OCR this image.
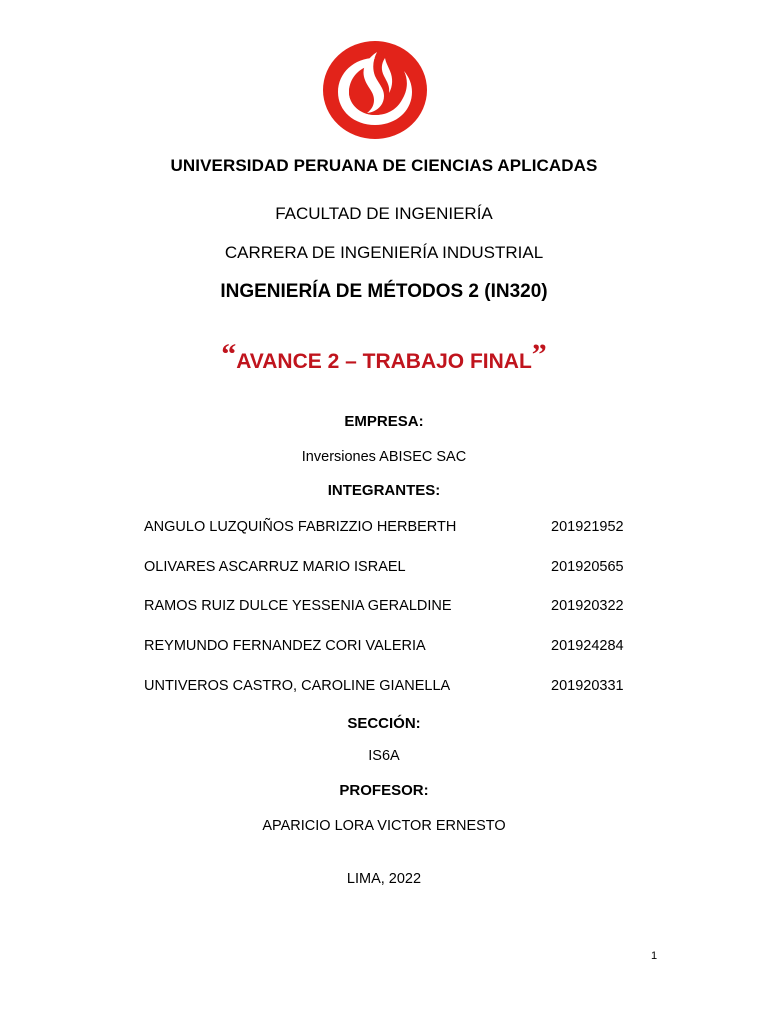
UNIVERSIDAD PERUANA DE CIENCIAS APLICADAS
FACULTAD DE INGENIERÍA
CARRERA DE INGENIERÍA INDUSTRIAL
INGENIERÍA DE MÉTODOS 2 (IN320)
“AVANCE 2 – TRABAJO FINAL”
EMPRESA:
Inversiones ABISEC SAC
INTEGRANTES:
ANGULO LUZQUIÑOS FABRIZZIO HERBERTH	201921952
OLIVARES ASCARRUZ MARIO ISRAEL	201920565
RAMOS RUIZ DULCE YESSENIA GERALDINE	201920322
REYMUNDO FERNANDEZ CORI VALERIA	201924284
UNTIVEROS CASTRO, CAROLINE GIANELLA	201920331
SECCIÓN:
IS6A
PROFESOR:
APARICIO LORA VICTOR ERNESTO
LIMA, 2022
1
